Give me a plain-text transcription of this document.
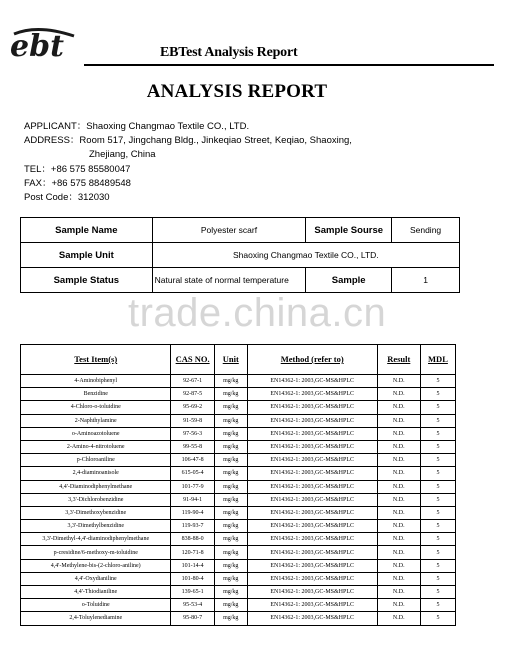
ebt	EBTest Analysis Report
ANALYSIS REPORT
APPLICANT：Shaoxing Changmao Textile CO., LTD.
ADDRESS：Room 517, Jingchang Bldg., Jinkeqiao Street, Keqiao, Shaoxing,
Zhejiang, China
TEL：+86 575 85580047
FAX：+86 575 88489548
Post Code：312030
Sample Name	Polyester scarf	Sample Sourse	Sending
Sample Unit	Shaoxing Changmao Textile CO., LTD.		
Sample Status	Natural state of normal temperature	Sample	1
trade.china.cn
Test Item(s)	CAS NO.	Unit	Method (refer to)	Result	MDL
4-Aminobiphenyl	92-67-1	mg/kg	EN14362-1: 2003,GC-MS&HPLC	N.D.	5
Benzidine	92-87-5	mg/kg	EN14362-1: 2003,GC-MS&HPLC	N.D.	5
4-Chloro-o-toluidine	95-69-2	mg/kg	EN14362-1: 2003,GC-MS&HPLC	N.D.	5
2-Naphthylamine	91-59-8	mg/kg	EN14362-1: 2003,GC-MS&HPLC	N.D.	5
o-Aminoazotoluene	97-56-3	mg/kg	EN14362-1: 2003,GC-MS&HPLC	N.D.	5
2-Amino-4-nitrotoluene	99-55-8	mg/kg	EN14362-1: 2003,GC-MS&HPLC	N.D.	5
p-Chloroaniline	106-47-8	mg/kg	EN14362-1: 2003,GC-MS&HPLC	N.D.	5
2,4-diaminoanisole	615-05-4	mg/kg	EN14362-1: 2003,GC-MS&HPLC	N.D.	5
4,4'-Diaminodiphenylmethane	101-77-9	mg/kg	EN14362-1: 2003,GC-MS&HPLC	N.D.	5
3,3'-Dichlorobenzidine	91-94-1	mg/kg	EN14362-1: 2003,GC-MS&HPLC	N.D.	5
3,3'-Dimethoxybenzidine	119-90-4	mg/kg	EN14362-1: 2003,GC-MS&HPLC	N.D.	5
3,3'-Dimethylbenzidine	119-93-7	mg/kg	EN14362-1: 2003,GC-MS&HPLC	N.D.	5
3,3'-Dimethyl-4,4'-diaminodiphenylmethane	838-88-0	mg/kg	EN14362-1: 2003,GC-MS&HPLC	N.D.	5
p-cresidine/6-methoxy-m-toluidine	120-71-8	mg/kg	EN14362-1: 2003,GC-MS&HPLC	N.D.	5
4,4'-Methylene-bis-(2-chloro-aniline)	101-14-4	mg/kg	EN14362-1: 2003,GC-MS&HPLC	N.D.	5
4,4'-Oxydianiline	101-80-4	mg/kg	EN14362-1: 2003,GC-MS&HPLC	N.D.	5
4,4'-Thiodianiline	139-65-1	mg/kg	EN14362-1: 2003,GC-MS&HPLC	N.D.	5
o-Toluidine	95-53-4	mg/kg	EN14362-1: 2003,GC-MS&HPLC	N.D.	5
2,4-Toluylenediamine	95-80-7	mg/kg	EN14362-1: 2003,GC-MS&HPLC	N.D.	5
